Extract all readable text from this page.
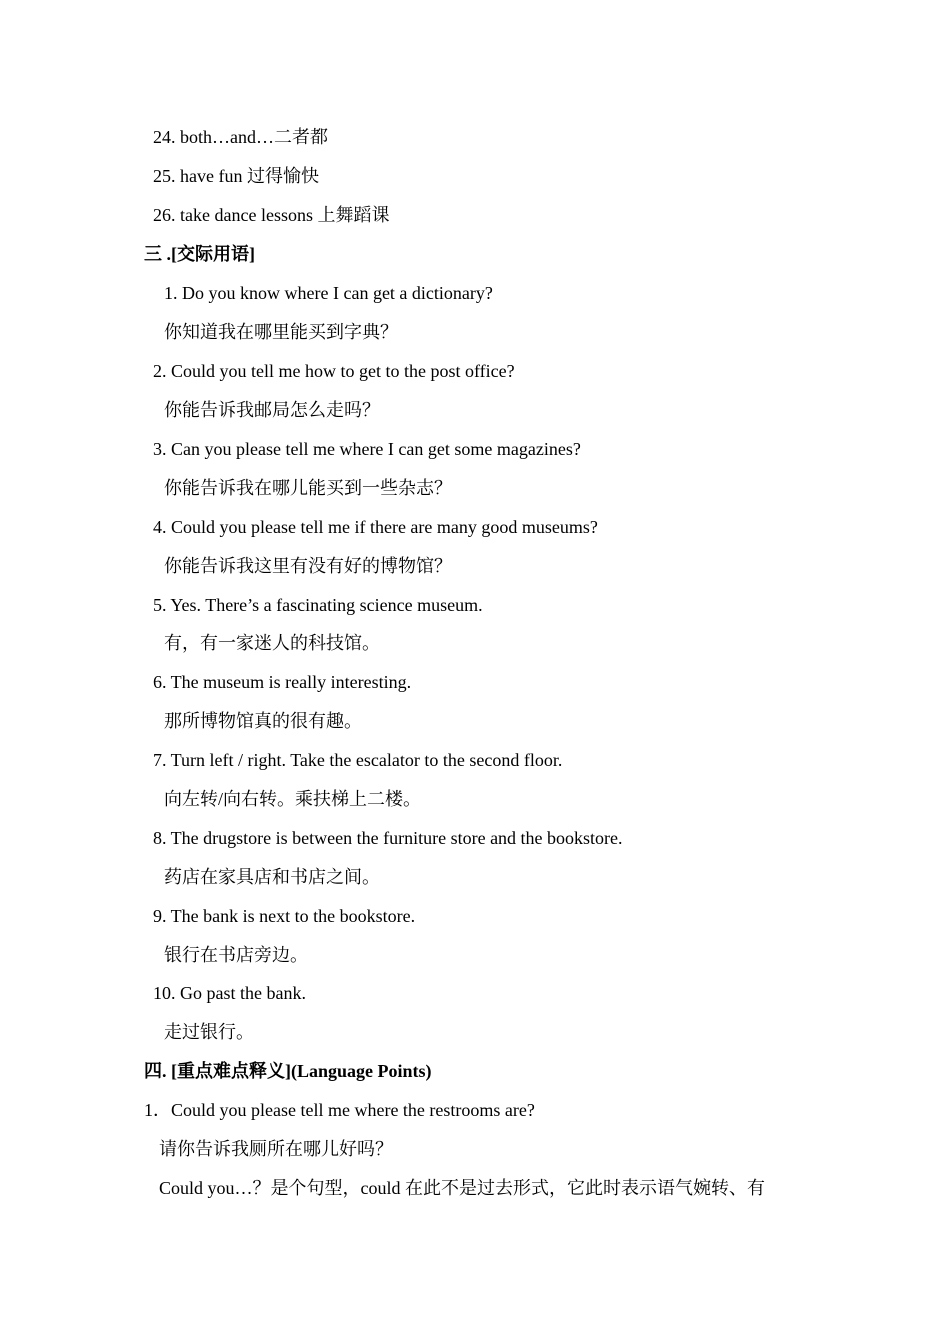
24. both…and…二者都
25. have fun 过得愉快
26. take dance lessons 上舞蹈课
三 .[交际用语]
1. Do you know where I can get a dictionary?
你知道我在哪里能买到字典？
2. Could you tell me how to get to the post office?
你能告诉我邮局怎么走吗？
3. Can you please tell me where I can get some magazines?
你能告诉我在哪儿能买到一些杂志？
4. Could you please tell me if there are many good museums?
你能告诉我这里有没有好的博物馆？
5. Yes. There’s a fascinating science museum.
有，有一家迷人的科技馆。
6. The museum is really interesting.
那所博物馆真的很有趣。
7. Turn left / right. Take the escalator to the second floor.
向左转/向右转。乘扶梯上二楼。
8. The drugstore is between the furniture store and the bookstore.
药店在家具店和书店之间。
9. The bank is next to the bookstore.
银行在书店旁边。
10. Go past the bank.
走过银行。
四. [重点难点释义](Language Points)
1．Could you please tell me where the restrooms are?
请你告诉我厕所在哪儿好吗？
Could you…？是个句型，could 在此不是过去形式，它此时表示语气婉转、有
